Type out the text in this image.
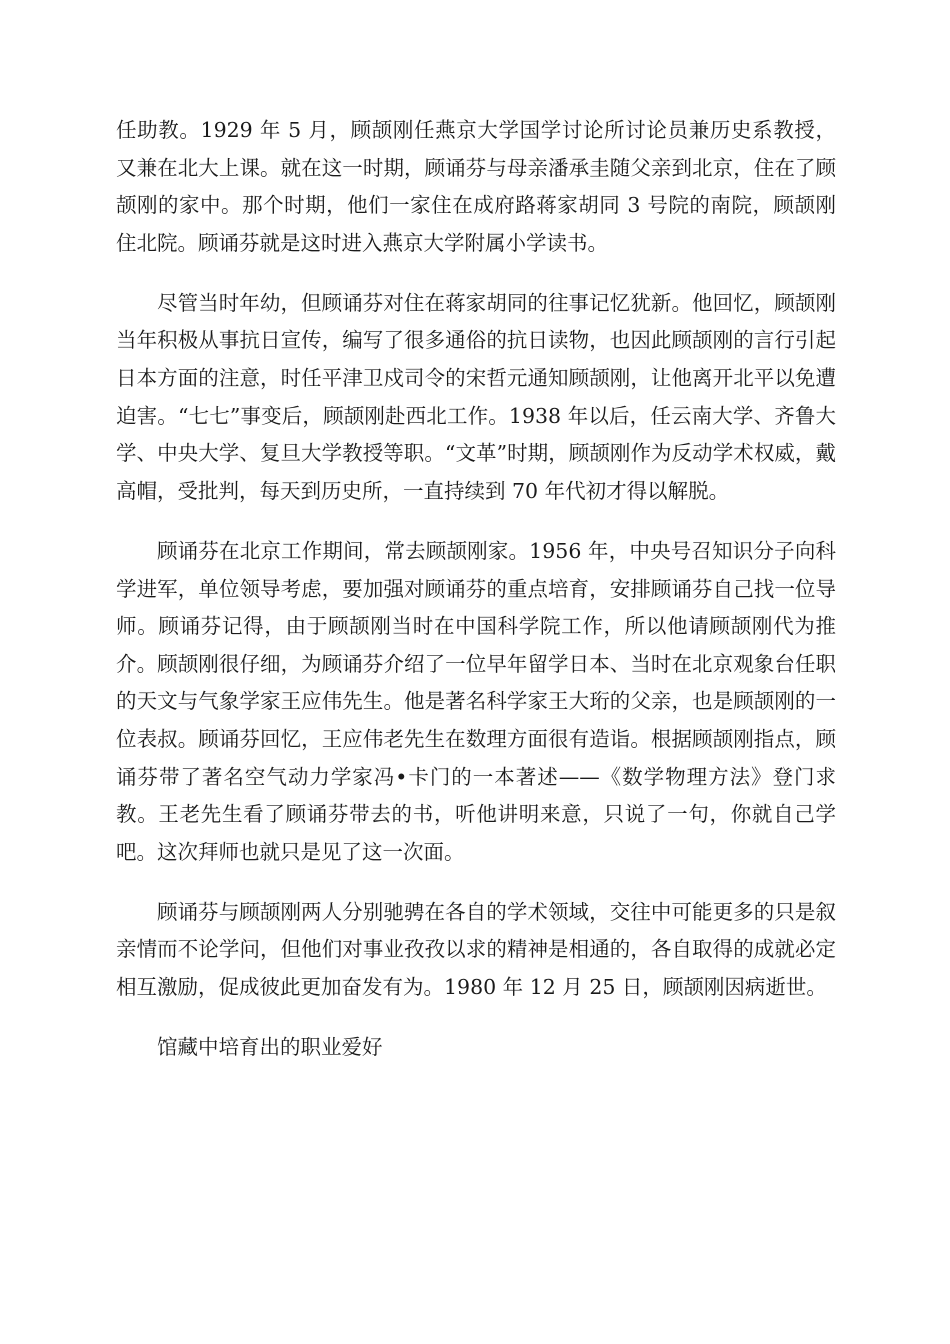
任助教。1929 年 5 月，顾颉刚任燕京大学国学讨论所讨论员兼历史系教授，又兼在北大上课。就在这一时期，顾诵芬与母亲潘承圭随父亲到北京，住在了顾颉刚的家中。那个时期，他们一家住在成府路蒋家胡同 3 号院的南院，顾颉刚住北院。顾诵芬就是这时进入燕京大学附属小学读书。

尽管当时年幼，但顾诵芬对住在蒋家胡同的往事记忆犹新。他回忆，顾颉刚当年积极从事抗日宣传，编写了很多通俗的抗日读物，也因此顾颉刚的言行引起日本方面的注意，时任平津卫戍司令的宋哲元通知顾颉刚，让他离开北平以免遭迫害。“七七”事变后，顾颉刚赴西北工作。1938 年以后，任云南大学、齐鲁大学、中央大学、复旦大学教授等职。“文革”时期，顾颉刚作为反动学术权威，戴高帽，受批判，每天到历史所，一直持续到 70 年代初才得以解脱。

顾诵芬在北京工作期间，常去顾颉刚家。1956 年，中央号召知识分子向科学进军，单位领导考虑，要加强对顾诵芬的重点培育，安排顾诵芬自己找一位导师。顾诵芬记得，由于顾颉刚当时在中国科学院工作，所以他请顾颉刚代为推介。顾颉刚很仔细，为顾诵芬介绍了一位早年留学日本、当时在北京观象台任职的天文与气象学家王应伟先生。他是著名科学家王大珩的父亲，也是顾颉刚的一位表叔。顾诵芬回忆，王应伟老先生在数理方面很有造诣。根据顾颉刚指点，顾诵芬带了著名空气动力学家冯•卡门的一本著述——《数学物理方法》登门求教。王老先生看了顾诵芬带去的书，听他讲明来意，只说了一句，你就自己学吧。这次拜师也就只是见了这一次面。

顾诵芬与顾颉刚两人分别驰骋在各自的学术领域，交往中可能更多的只是叙亲情而不论学问，但他们对事业孜孜以求的精神是相通的，各自取得的成就必定相互激励，促成彼此更加奋发有为。1980 年 12 月 25 日，顾颉刚因病逝世。

馆藏中培育出的职业爱好
